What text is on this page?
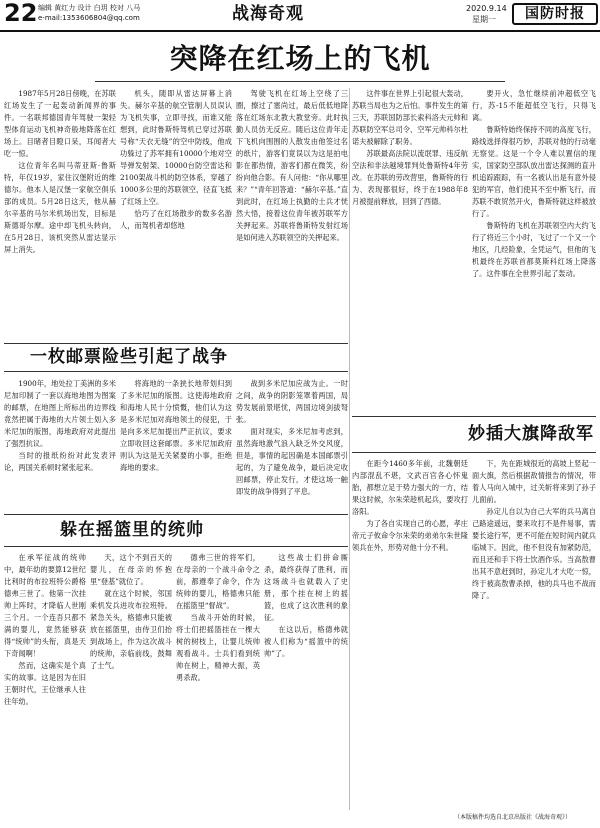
22 编辑 黄红力 设计 白玥 校对 八马
e-mail:1353606804@qq.com	战海奇观	2020.9.14
星期一	国防时报
突降在红场上的飞机

1987年5月28日傍晚，在苏联红场发生了一起轰动新闻界的事件。一名联邦德国青年驾驶一架轻型体育运动飞机神奇般地降落在红场上。目睹者目瞪口呆，耳闻者大吃一惊。

这位青年名叫马蒂亚斯·鲁斯特，年仅19岁，家住汉堡附近的维德尔。他本人是汉堡一家航空俱乐部的成员。5月28日这天，他从赫尔辛基的马尔米机场出发，目标是斯德哥尔摩。途中却飞机头转向，在5月28日，该机突然从雷达显示屏上消失。

机头，随即从雷达屏幕上消失。赫尔辛基的航空管制人员误认为飞机失事，立即寻找，而谁又能想到，此时鲁斯特驾机已穿过苏联号称“天衣无缝”的空中防线，他成功躲过了苏军拥有10000个地对空导弹发射架、10000台防空雷达和2100架战斗机的防空体系，穿越了1000多公里的苏联领空，径直飞抵了红场上空。

恰巧了在红场散步的数多名游人，而驾机者却悠地

驾驶飞机在红场上空绕了三圈，擦过了塞尚过，最后低低地降落在红场东北教大教堂旁。此时执勤人员仿无反应。随后这位青年走下飞机向围围的人散发由他签过名的纸片，游客们竟误以为这是拍电影在都热情，游客们都在微笑，纷纷向他合影。有人问他：“你从哪里来？”“青年回答道：“赫尔辛基。”直到此时，在红场上执勤的士兵才恍然大悟，接着这位青年被苏联军方关押起来。苏联将鲁斯特发射红场是如何进入苏联领空的关押起来。

这件事在世界上引起很大轰动，苏联当局也为之后怕。事件发生的第三天，苏联国防部长索科洛夫元帅和苏联防空军总司令、空军元帅科尔杜诺夫被解除了职务。

苏联最高法院以流氓罪、违反航空法和非法越境罪判处鲁斯特4年劳改。在苏联的劳改营里，鲁斯特的行为、表现都很好，终于在1988年8月被提前释放，回到了西德。

要开火，急忙继续前冲超低空飞行，苏-15不能超低空飞行，只得飞离。

鲁斯特始终保持不同的高度飞行，路线选择得很巧妙，苏联对他的行动毫无察觉。这是一个令人难以置信的现实，国家防空部队放出雷达探测的直升机追踪跟踪，有一名被认出是有意外侵犯的军官，他们使其不至中断飞行，而苏联不敢贸然开火，鲁斯特就这样被放行了。

鲁斯特的飞机在苏联领空内大约飞行了将近三个小时，飞过了一个又一个地区，几经险象，全凭运气，但他的飞机最终在苏联首都莫斯科红场上降落了。这件事在全世界引起了轰动。

一枚邮票险些引起了战争

1900年，地处拉丁美洲的多米尼加印制了一套以海地地图为图案的邮票，在地图上所标出的边界线竟然把属于海地的大片领土划入多米尼加的版图，海地政府对此提出了强烈抗议。

当时的报纸纷纷对此发表评论，两国关系顿时紧张起来。

将海地的一条狭长地带划归到了多米尼加的版图。这使海地政府和海地人民十分愤慨，他们认为这是多米尼加对海地领土的侵犯，于是向多米尼加提出严正抗议，要求立即收回这套邮票。多米尼加政府则认为这是无关紧要的小事，拒绝海地的要求。

战到多米尼加应战为止。一时之间，战争的阴影笼罩着两国，局势发展前景堪忧，两国边境剑拔弩张。

面对现实，多米尼加考虑到，虽然海地激气浪入缺乏外交风度，但是，事情的起因确是本国邮票引起的，为了避免战争，最后决定收回邮票，停止发行，才使这场一触即发的战争得到了平息。

妙插大旗降敌军

在距今1460多年前，北魏朝廷内部混乱不堪，文武百官各心怀鬼胎，都想立足于势力强大的一方，结果这时候，尔朱荣趁机起兵，要攻打洛阳。

为了各自实现自己的心愿，孝庄帝元子攸命令尔朱荣的弟弟尔朱世隆领兵在外，形势对他十分不利。

下，先在距城很近的高坡上竖起一面大旗，然后根据敌情报告的情况，带着人马向入城中，过关斩将来到了孙子儿面前。

孙定儿自以为自己大军的兵马离自己路途遥远，要来攻打不是件易事，需要长途行军，更不可能在短时间内就兵临城下。因此，他不但没有加紧防范，而且还和手下将士饮酒作乐。当高敖曹出其不意赶到时，孙定儿才大吃一惊，终于被高敖曹杀掉，他的兵马也不战而降了。

躲在摇篮里的统帅

在承军征战的统帅中，最年幼的要算12世纪比利时的布拉班特公爵格德弗三世了。他第一次挂帅上阵时，才降临人世刚三个月。一个连吾只都不满的婴儿，竟然能够获得“统帅”的头衔，真是天下奇闻啊！

然而，这确实是个真实的故事。这是因为在旧王朝时代，王位继承人往往年幼。

天，这个不到百天的婴儿，在母亲的怀抱里“登基”就位了。

就在这个时候，邻国乘机发兵进攻布拉班特。紧急关头，格德弗只能被放在摇篮里，由侍卫们抬到战场上，作为这次战斗的统帅，亲临前线，鼓舞了士气。

德弗三世的将军们，在母亲的一个战斗命令之前，都遵奉了命令，作为统帅的婴儿，格德弗只能在摇篮里“督战”。

当战斗开始的时候，将士们把摇篮挂在一棵大树的树枝上，让婴儿统帅观看战斗。士兵们看到统帅在树上，精神大振，英勇杀敌。

这些战士们拼命厮杀，最终获得了胜利，而这场战斗也就载入了史册，那个挂在树上的摇篮，也成了这次胜利的象征。

在这以后，格德弗就被人们称为“摇篮中的统帅”了。

（本版稿件均选自北京出版社《战海奇观》）
